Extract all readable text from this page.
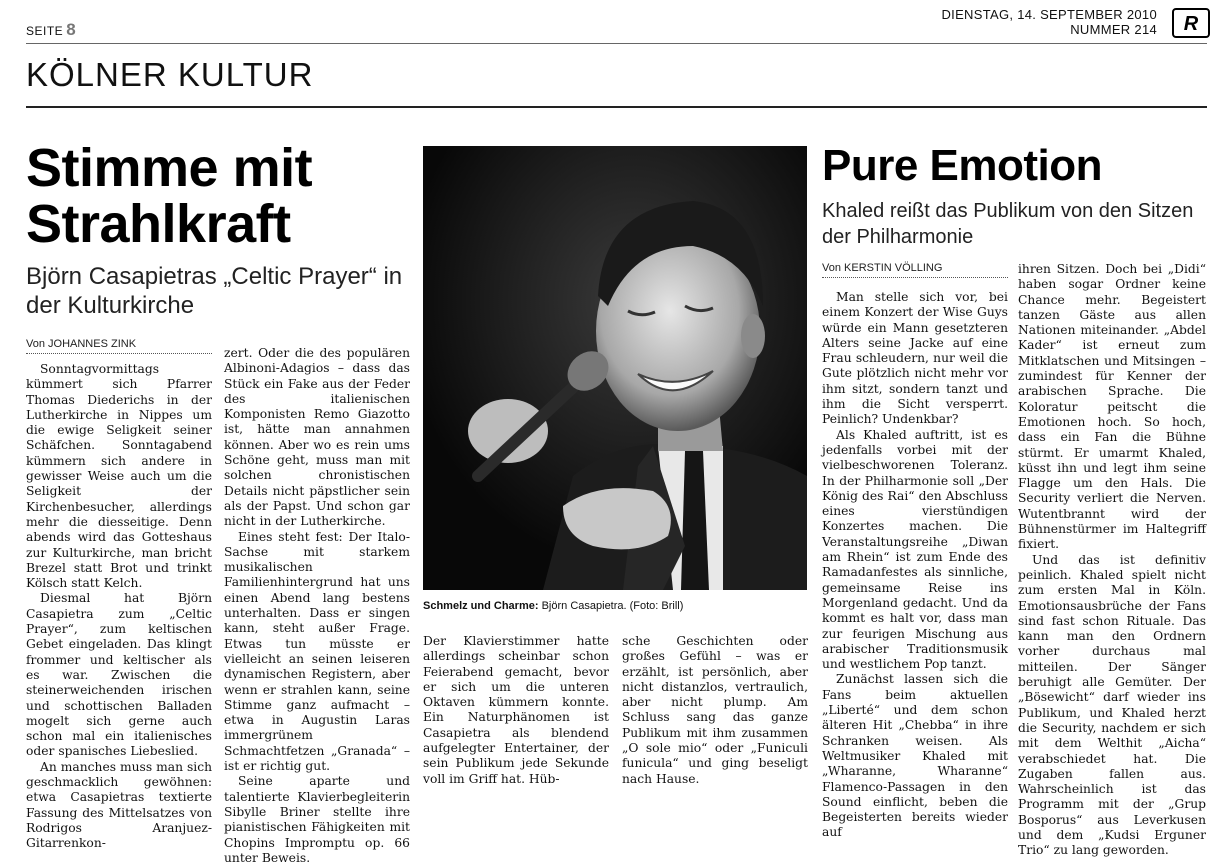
SEITE 8
DIENSTAG, 14. SEPTEMBER 2010
NUMMER 214 R
KÖLNER KULTUR
Stimme mit Strahlkraft
Björn Casapietras „Celtic Prayer“ in der Kulturkirche
Von JOHANNES ZINK

Sonntagvormittags kümmert sich Pfarrer Thomas Diederichs in der Lutherkirche in Nippes um die ewige Seligkeit seiner Schäfchen. Sonntagabend kümmern sich andere in gewisser Weise auch um die Seligkeit der Kirchenbesucher, allerdings mehr die diesseitige. Denn abends wird das Gotteshaus zur Kulturkirche, man bricht Brezel statt Brot und trinkt Kölsch statt Kelch.

Diesmal hat Björn Casapietra zum „Celtic Prayer“, zum keltischen Gebet eingeladen. Das klingt frommer und keltischer als es war. Zwischen die steinerweichenden irischen und schottischen Balladen mogelt sich gerne auch schon mal ein italienisches oder spanisches Liebeslied.

An manches muss man sich geschmacklich gewöhnen: etwa Casapietras textierte Fassung des Mittelsatzes von Rodrigos Aranjuez-Gitarrenkon-

zert. Oder die des populären Albinoni-Adagios – dass das Stück ein Fake aus der Feder des italienischen Komponisten Remo Giazotto ist, hätte man annahmen können. Aber wo es rein ums Schöne geht, muss man mit solchen chronistischen Details nicht päpstlicher sein als der Papst. Und schon gar nicht in der Lutherkirche.

Eines steht fest: Der Italo-Sachse mit starkem musikalischen Familienhintergrund hat uns einen Abend lang bestens unterhalten. Dass er singen kann, steht außer Frage. Etwas tun müsste er vielleicht an seinen leiseren dynamischen Registern, aber wenn er strahlen kann, seine Stimme ganz aufmacht – etwa in Augustin Laras immergrünem Schmachtfetzen „Granada“ – ist er richtig gut.

Seine aparte und talentierte Klavierbegleiterin Sibylle Briner stellte ihre pianistischen Fähigkeiten mit Chopins Impromptu op. 66 unter Beweis.

Schmelz und Charme: Björn Casapietra. (Foto: Brill)

Der Klavierstimmer hatte allerdings scheinbar schon Feierabend gemacht, bevor er sich um die unteren Oktaven kümmern konnte. Ein Naturphänomen ist Casapietra als blendend aufgelegter Entertainer, der sein Publikum jede Sekunde voll im Griff hat. Hüb-

sche Geschichten oder großes Gefühl – was er erzählt, ist persönlich, aber nicht distanzlos, vertraulich, aber nicht plump. Am Schluss sang das ganze Publikum mit ihm zusammen „O sole mio“ oder „Funiculi funicula“ und ging beseligt nach Hause.

Pure Emotion
Khaled reißt das Publikum von den Sitzen der Philharmonie
Von KERSTIN VÖLLING

Man stelle sich vor, bei einem Konzert der Wise Guys würde ein Mann gesetzteren Alters seine Jacke auf eine Frau schleudern, nur weil die Gute plötzlich nicht mehr vor ihm sitzt, sondern tanzt und ihm die Sicht versperrt. Peinlich? Undenkbar?

Als Khaled auftritt, ist es jedenfalls vorbei mit der vielbeschworenen Toleranz. In der Philharmonie soll „Der König des Rai“ den Abschluss eines vierstündigen Konzertes machen. Die Veranstaltungsreihe „Diwan am Rhein“ ist zum Ende des Ramadanfestes als sinnliche, gemeinsame Reise ins Morgenland gedacht. Und da kommt es halt vor, dass man zur feurigen Mischung aus arabischer Traditionsmusik und westlichem Pop tanzt.

Zunächst lassen sich die Fans beim aktuellen „Liberté“ und dem schon älteren Hit „Chebba“ in ihre Schranken weisen. Als Weltmusiker Khaled mit „Wharanne, Wharanne“ Flamenco-Passagen in den Sound einflicht, beben die Begeisterten bereits wieder auf

ihren Sitzen. Doch bei „Didi“ haben sogar Ordner keine Chance mehr. Begeistert tanzen Gäste aus allen Nationen miteinander. „Abdel Kader“ ist erneut zum Mitklatschen und Mitsingen – zumindest für Kenner der arabischen Sprache. Die Koloratur peitscht die Emotionen hoch. So hoch, dass ein Fan die Bühne stürmt. Er umarmt Khaled, küsst ihn und legt ihm seine Flagge um den Hals. Die Security verliert die Nerven. Wutentbrannt wird der Bühnenstürmer im Haltegriff fixiert.

Und das ist definitiv peinlich. Khaled spielt nicht zum ersten Mal in Köln. Emotionsausbrüche der Fans sind fast schon Rituale. Das kann man den Ordnern vorher durchaus mal mitteilen. Der Sänger beruhigt alle Gemüter. Der „Bösewicht“ darf wieder ins Publikum, und Khaled herzt die Security, nachdem er sich mit dem Welthit „Aicha“ verabschiedet hat. Die Zugaben fallen aus. Wahrscheinlich ist das Programm mit der „Grup Bosporus“ aus Leverkusen und dem „Kudsi Erguner Trio“ zu lang geworden.
